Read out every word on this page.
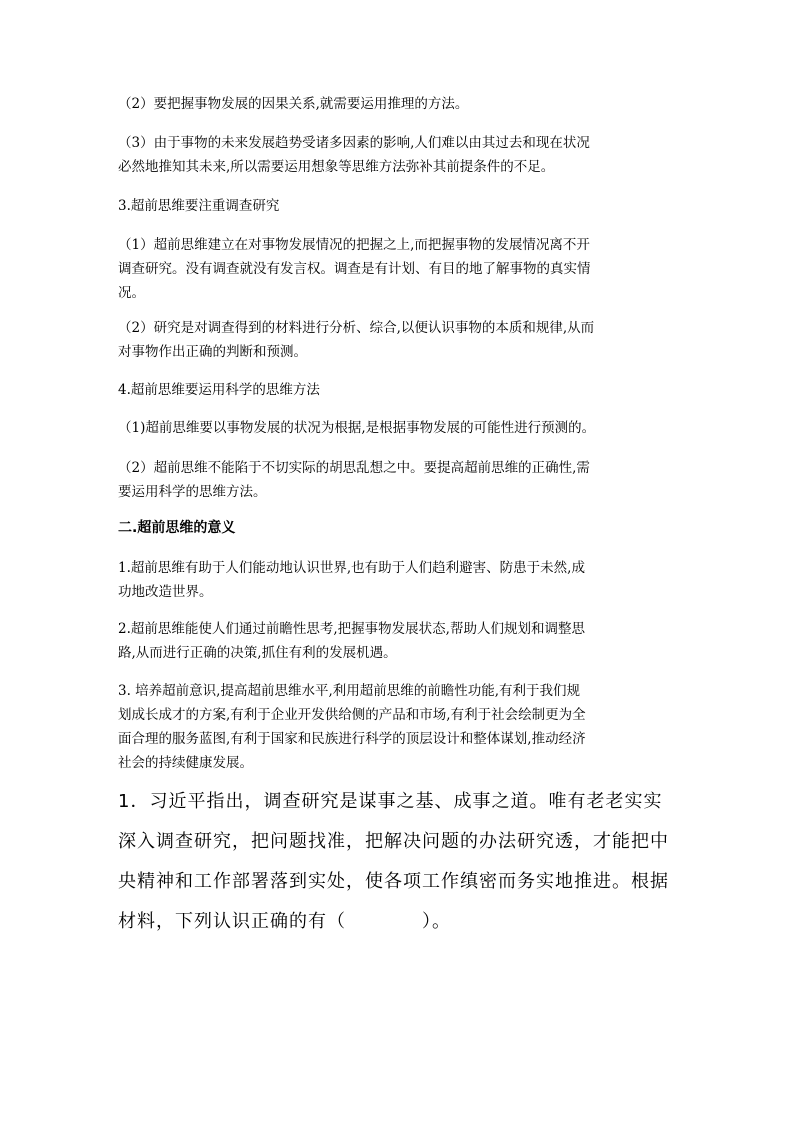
（2）要把握事物发展的因果关系,就需要运用推理的方法。

（3）由于事物的未来发展趋势受诸多因素的影响,人们难以由其过去和现在状况
必然地推知其未来,所以需要运用想象等思维方法弥补其前提条件的不足。

3.超前思维要注重调查研究

（1）超前思维建立在对事物发展情况的把握之上,而把握事物的发展情况离不开
调查研究。没有调查就没有发言权。调查是有计划、有目的地了解事物的真实情
况。

（2）研究是对调查得到的材料进行分析、综合,以便认识事物的本质和规律,从而
对事物作出正确的判断和预测。

4.超前思维要运用科学的思维方法

（1)超前思维要以事物发展的状况为根据,是根据事物发展的可能性进行预测的。

（2）超前思维不能陷于不切实际的胡思乱想之中。要提高超前思维的正确性,需
要运用科学的思维方法。

二.超前思维的意义

1.超前思维有助于人们能动地认识世界,也有助于人们趋利避害、防患于未然,成
功地改造世界。

2.超前思维能使人们通过前瞻性思考,把握事物发展状态,帮助人们规划和调整思
路,从而进行正确的决策,抓住有利的发展机遇。

3. 培养超前意识,提高超前思维水平,利用超前思维的前瞻性功能,有利于我们规
划成长成才的方案,有利于企业开发供给侧的产品和市场,有利于社会绘制更为全
面合理的服务蓝图,有利于国家和民族进行科学的顶层设计和整体谋划,推动经济
社会的持续健康发展。

1．习近平指出，调查研究是谋事之基、成事之道。唯有老老实实
深入调查研究，把问题找准，把解决问题的办法研究透，才能把中
央精神和工作部署落到实处，使各项工作缜密而务实地推进。根据
材料，下列认识正确的有（　　　　）。
